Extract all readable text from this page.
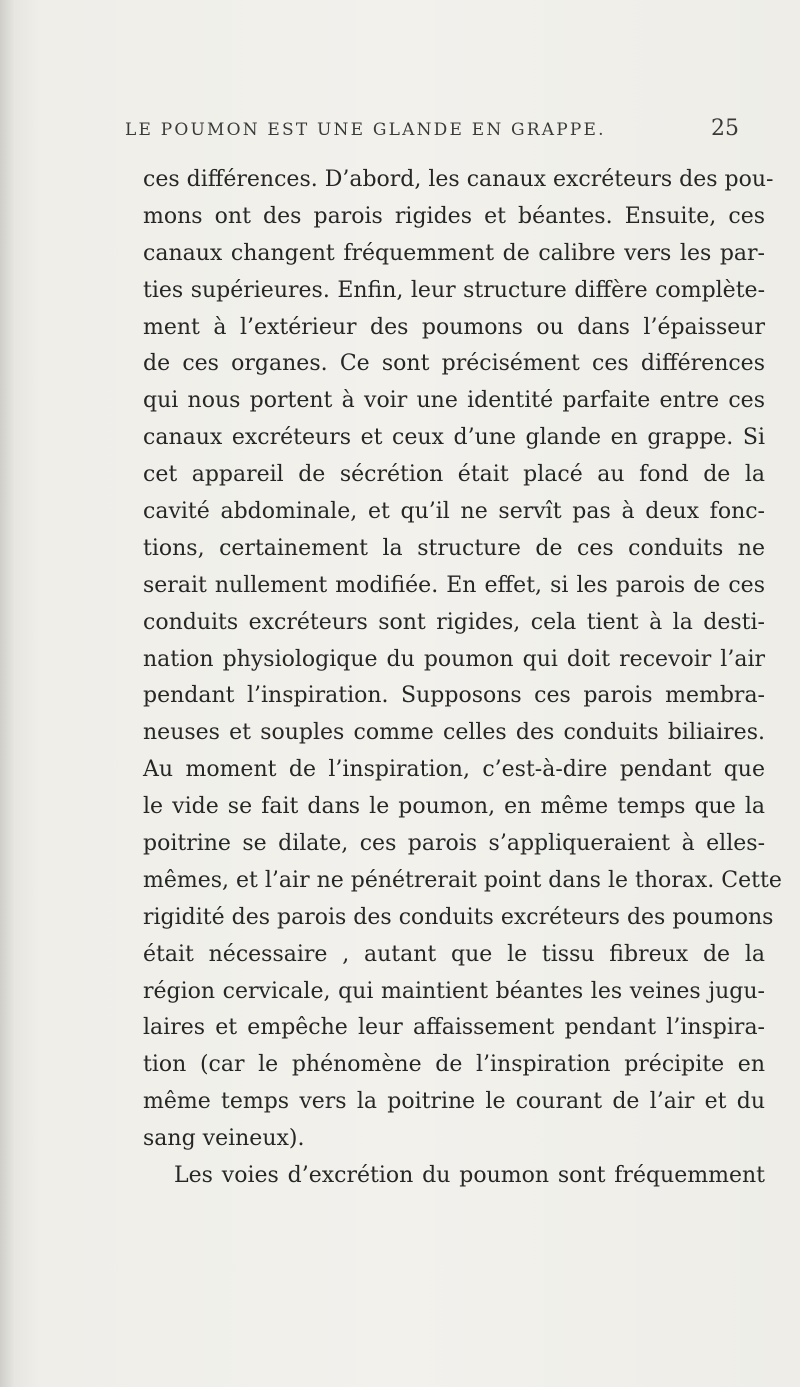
LE POUMON EST UNE GLANDE EN GRAPPE.	25
ces différences. D’abord, les canaux excréteurs des pou-
mons ont des parois rigides et béantes. Ensuite, ces
canaux changent fréquemment de calibre vers les par-
ties supérieures. Enfin, leur structure diffère complète-
ment à l’extérieur des poumons ou dans l’épaisseur
de ces organes. Ce sont précisément ces différences
qui nous portent à voir une identité parfaite entre ces
canaux excréteurs et ceux d’une glande en grappe. Si
cet appareil de sécrétion était placé au fond de la
cavité abdominale, et qu’il ne servît pas à deux fonc-
tions, certainement la structure de ces conduits ne
serait nullement modifiée. En effet, si les parois de ces
conduits excréteurs sont rigides, cela tient à la desti-
nation physiologique du poumon qui doit recevoir l’air
pendant l’inspiration. Supposons ces parois membra-
neuses et souples comme celles des conduits biliaires.
Au moment de l’inspiration, c’est-à-dire pendant que
le vide se fait dans le poumon, en même temps que la
poitrine se dilate, ces parois s’appliqueraient à elles-
mêmes, et l’air ne pénétrerait point dans le thorax. Cette
rigidité des parois des conduits excréteurs des poumons
était nécessaire , autant que le tissu fibreux de la
région cervicale, qui maintient béantes les veines jugu-
laires et empêche leur affaissement pendant l’inspira-
tion (car le phénomène de l’inspiration précipite en
même temps vers la poitrine le courant de l’air et du
sang veineux).
Les voies d’excrétion du poumon sont fréquemment
